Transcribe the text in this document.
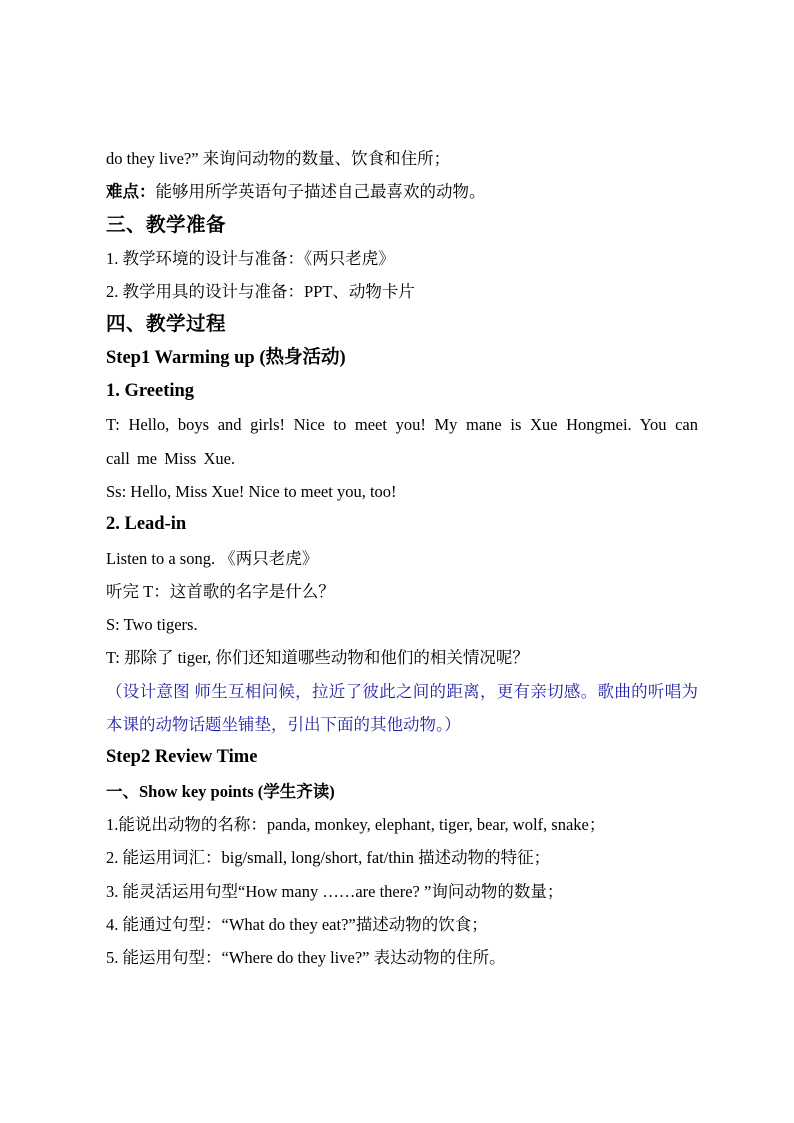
do they live?” 来询问动物的数量、饮食和住所；
难点：能够用所学英语句子描述自己最喜欢的动物。
三、教学准备
1. 教学环境的设计与准备：《两只老虎》
2. 教学用具的设计与准备：PPT、动物卡片
四、教学过程
Step1 Warming up (热身活动)
1. Greeting
T: Hello, boys and girls! Nice to meet you! My mane is Xue Hongmei. You can call me Miss Xue.
Ss: Hello, Miss Xue! Nice to meet you, too!
2. Lead-in
Listen to a song. 《两只老虎》
听完 T：这首歌的名字是什么？
S: Two tigers.
T: 那除了 tiger, 你们还知道哪些动物和他们的相关情况呢？
（设计意图 师生互相问候，拉近了彼此之间的距离，更有亲切感。歌曲的听唱为本课的动物话题坐铺垫，引出下面的其他动物。）
Step2 Review Time
一、Show key points (学生齐读)
1.能说出动物的名称：panda, monkey, elephant, tiger, bear, wolf, snake；
2. 能运用词汇：big/small, long/short, fat/thin 描述动物的特征；
3. 能灵活运用句型“How many ……are there? ”询问动物的数量；
4. 能通过句型：“What do they eat?”描述动物的饮食；
5. 能运用句型：“Where do they live?” 表达动物的住所。
